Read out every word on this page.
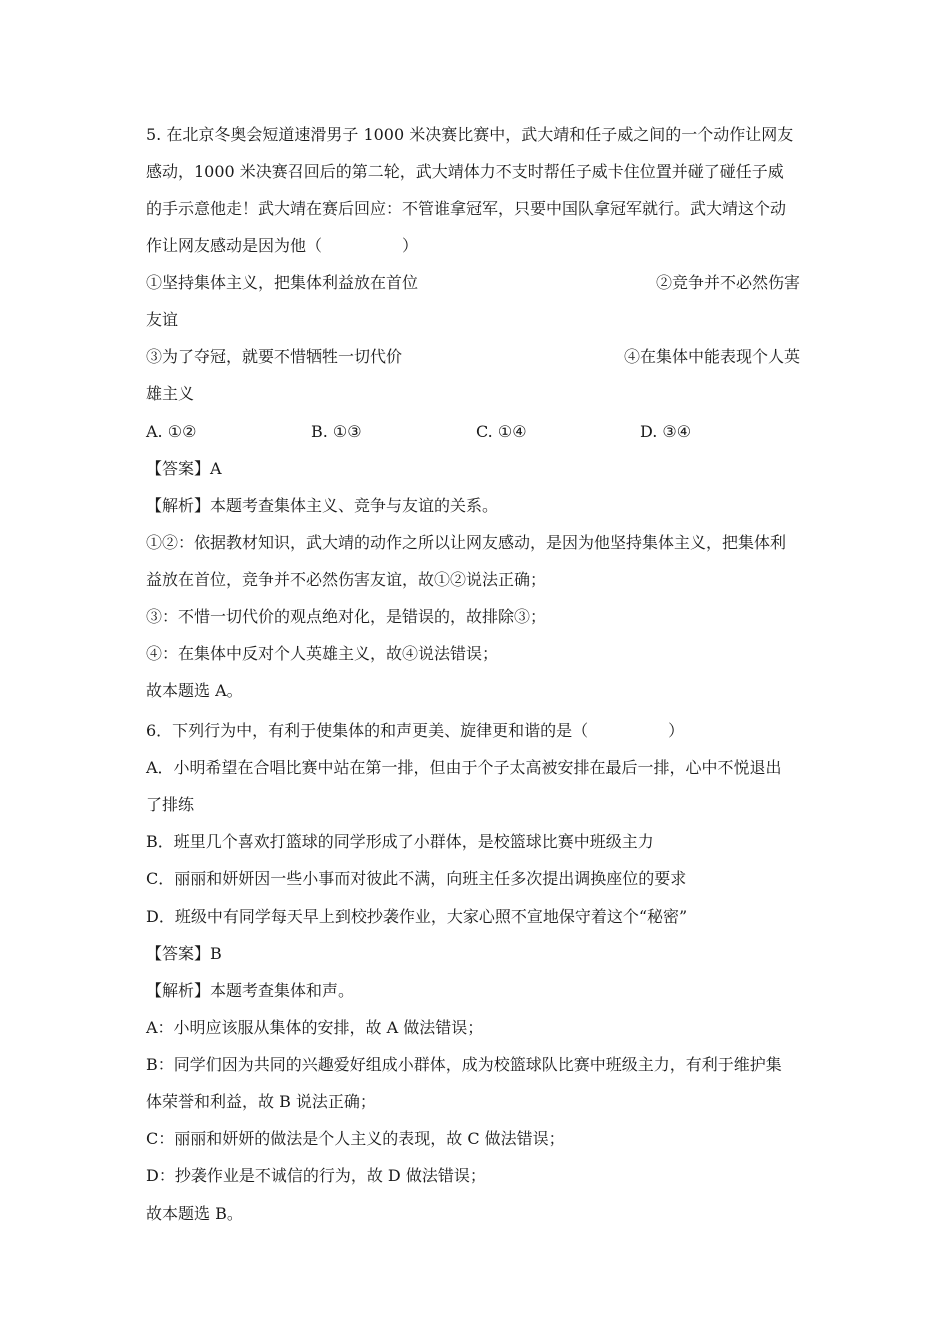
5. 在北京冬奥会短道速滑男子 1000 米决赛比赛中，武大靖和任子威之间的一个动作让网友
感动，1000 米决赛召回后的第二轮，武大靖体力不支时帮任子威卡住位置并碰了碰任子威
的手示意他走！武大靖在赛后回应：不管谁拿冠军，只要中国队拿冠军就行。武大靖这个动
作让网友感动是因为他（　　　　　）
①坚持集体主义，把集体利益放在首位	②竞争并不必然伤害
友谊
③为了夺冠，就要不惜牺牲一切代价	④在集体中能表现个人英
雄主义
A. ①②	B. ①③	C. ①④	D. ③④
【答案】A
【解析】本题考查集体主义、竞争与友谊的关系。
①②：依据教材知识，武大靖的动作之所以让网友感动，是因为他坚持集体主义，把集体利
益放在首位，竞争并不必然伤害友谊，故①②说法正确；
③：不惜一切代价的观点绝对化，是错误的，故排除③；
④：在集体中反对个人英雄主义，故④说法错误；
故本题选 A。
6．下列行为中，有利于使集体的和声更美、旋律更和谐的是（　　　　　）
A．小明希望在合唱比赛中站在第一排，但由于个子太高被安排在最后一排，心中不悦退出
了排练
B．班里几个喜欢打篮球的同学形成了小群体，是校篮球比赛中班级主力
C．丽丽和妍妍因一些小事而对彼此不满，向班主任多次提出调换座位的要求
D．班级中有同学每天早上到校抄袭作业，大家心照不宣地保守着这个“秘密”
【答案】B
【解析】本题考查集体和声。
A：小明应该服从集体的安排，故 A 做法错误；
B：同学们因为共同的兴趣爱好组成小群体，成为校篮球队比赛中班级主力，有利于维护集
体荣誉和利益，故 B 说法正确；
C：丽丽和妍妍的做法是个人主义的表现，故 C 做法错误；
D：抄袭作业是不诚信的行为，故 D 做法错误；
故本题选 B。
